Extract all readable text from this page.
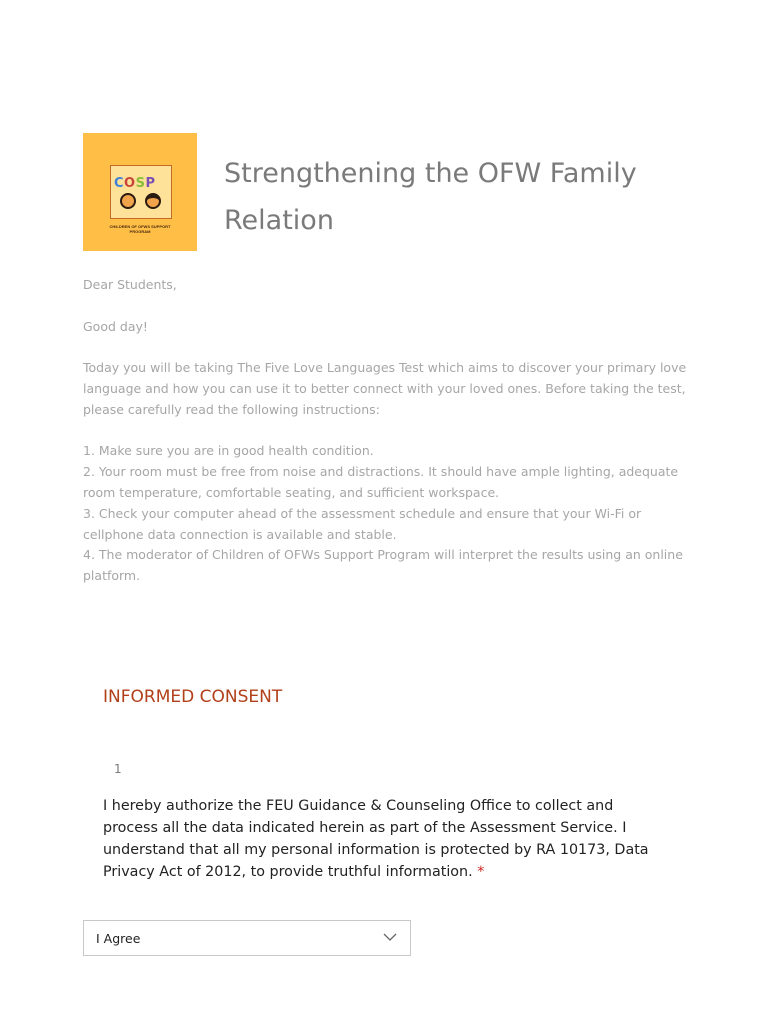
COSP
CHILDREN OF OFWS SUPPORT PROGRAM
Strengthening the OFW Family Relation

Dear Students,

Good day!

Today you will be taking The Five Love Languages Test which aims to discover your primary love language and how you can use it to better connect with your loved ones. Before taking the test, please carefully read the following instructions:

1. Make sure you are in good health condition.

2. Your room must be free from noise and distractions. It should have ample lighting, adequate room temperature, comfortable seating, and sufficient workspace.

3. Check your computer ahead of the assessment schedule and ensure that your Wi-Fi or cellphone data connection is available and stable.

4. The moderator of Children of OFWs Support Program will interpret the results using an online platform.

INFORMED CONSENT
1

I hereby authorize the FEU Guidance & Counseling Office to collect and process all the data indicated herein as part of the Assessment Service. I understand that all my personal information is protected by RA 10173, Data Privacy Act of 2012, to provide truthful information. *

I Agree
